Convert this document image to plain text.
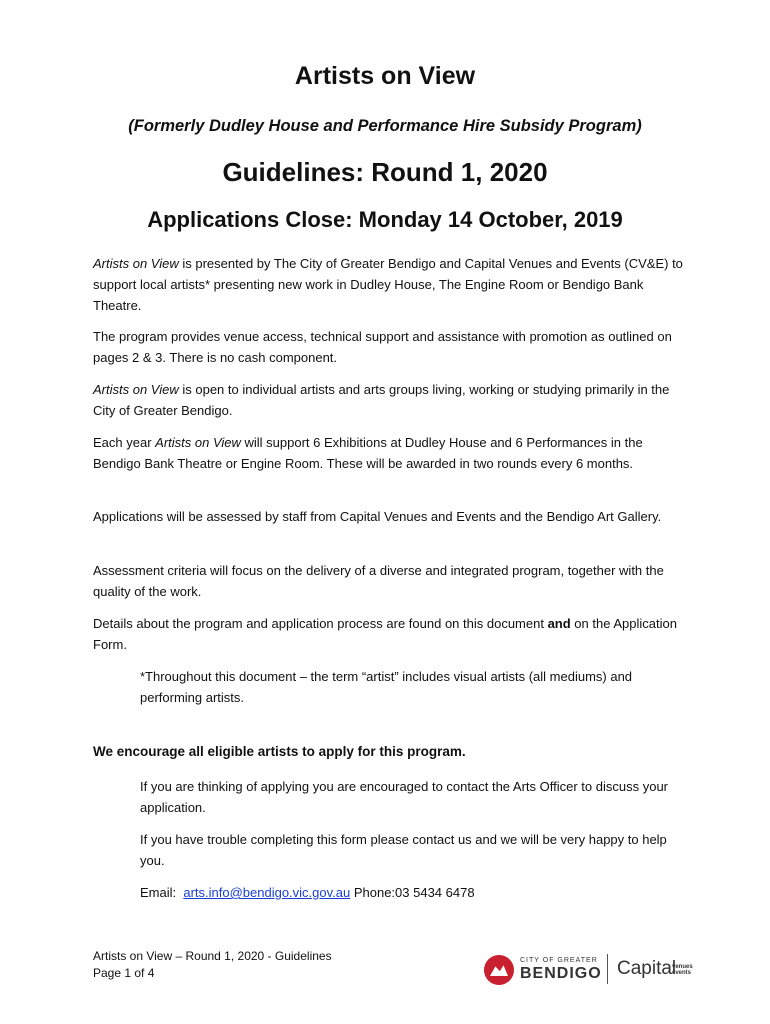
Artists on View

(Formerly Dudley House and Performance Hire Subsidy Program)

Guidelines: Round 1, 2020
Applications Close: Monday 14 October, 2019

Artists on View is presented by The City of Greater Bendigo and Capital Venues and Events (CV&E) to support local artists* presenting new work in Dudley House, The Engine Room or Bendigo Bank Theatre.

The program provides venue access, technical support and assistance with promotion as outlined on pages 2 & 3. There is no cash component.

Artists on View is open to individual artists and arts groups living, working or studying primarily in the City of Greater Bendigo.

Each year Artists on View will support 6 Exhibitions at Dudley House and 6 Performances in the Bendigo Bank Theatre or Engine Room. These will be awarded in two rounds every 6 months.

Applications will be assessed by staff from Capital Venues and Events and the Bendigo Art Gallery.

Assessment criteria will focus on the delivery of a diverse and integrated program, together with the quality of the work.

Details about the program and application process are found on this document and on the Application Form.

*Throughout this document – the term “artist” includes visual artists (all mediums) and performing artists.

We encourage all eligible artists to apply for this program.

If you are thinking of applying you are encouraged to contact the Arts Officer to discuss your application.

If you have trouble completing this form please contact us and we will be very happy to help you.

Email:  arts.info@bendigo.vic.gov.au Phone:03 5434 6478

Artists on View – Round 1, 2020 - Guidelines
Page 1 of 4
CITY OF GREATER
BENDIGO Capital
venues
events
